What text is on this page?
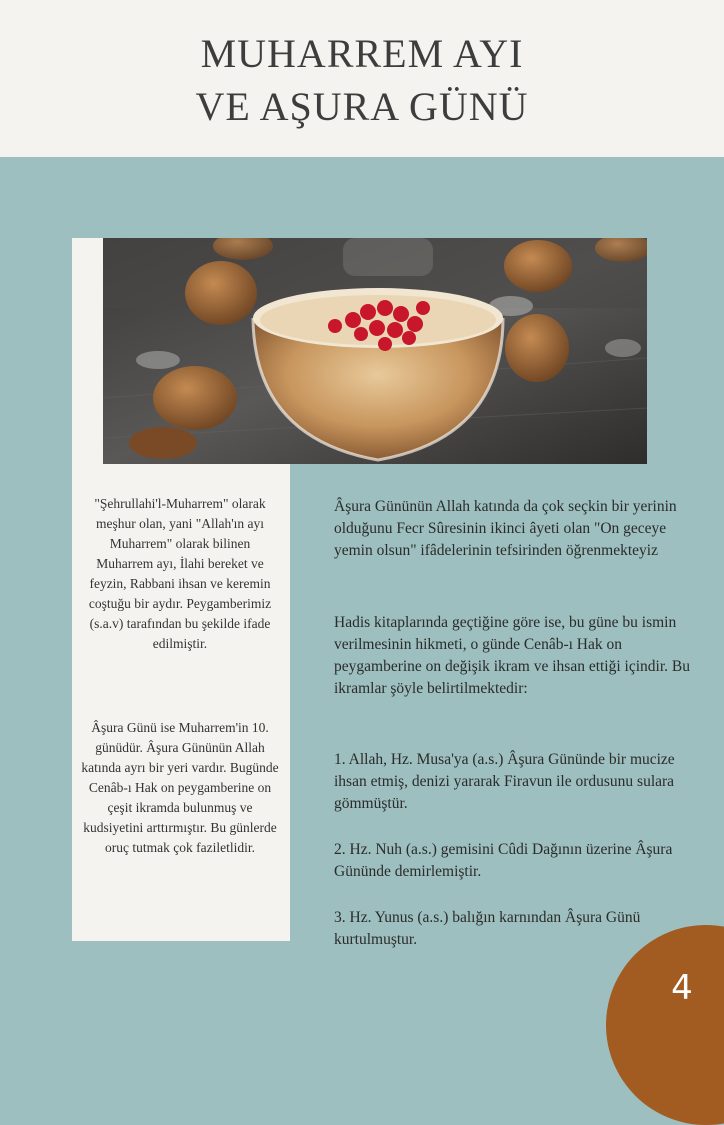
MUHARREM AYI
VE AŞURA GÜNÜ
"Şehrullahi'l-Muharrem" olarak meşhur olan, yani "Allah'ın ayı Muharrem" olarak bilinen Muharrem ayı, İlahi bereket ve feyzin, Rabbani ihsan ve keremin coştuğu bir aydır. Peygamberimiz (s.a.v) tarafından bu şekilde ifade edilmiştir.
Âşura Günü ise Muharrem'in 10. günüdür. Âşura Gününün Allah katında ayrı bir yeri vardır. Bugünde Cenâb-ı Hak on peygamberine on çeşit ikramda bulunmuş ve kudsiyetini arttırmıştır. Bu günlerde oruç tutmak çok faziletlidir.
Âşura Gününün Allah katında da çok seçkin bir yerinin olduğunu Fecr Sûresinin ikinci âyeti olan "On geceye yemin olsun" ifâdelerinin tefsirinden öğrenmekteyiz
Hadis kitaplarında geçtiğine göre ise, bu güne bu ismin verilmesinin hikmeti, o günde Cenâb-ı Hak on peygamberine on değişik ikram ve ihsan ettiği içindir. Bu ikramlar şöyle belirtilmektedir:
1. Allah, Hz. Musa'ya (a.s.) Âşura Gününde bir mucize ihsan etmiş, denizi yararak Firavun ile ordusunu sulara gömmüştür.
2. Hz. Nuh (a.s.) gemisini Cûdi Dağının üzerine Âşura Gününde demirlemiştir.
3. Hz. Yunus (a.s.) balığın karnından Âşura Günü kurtulmuştur.
4
